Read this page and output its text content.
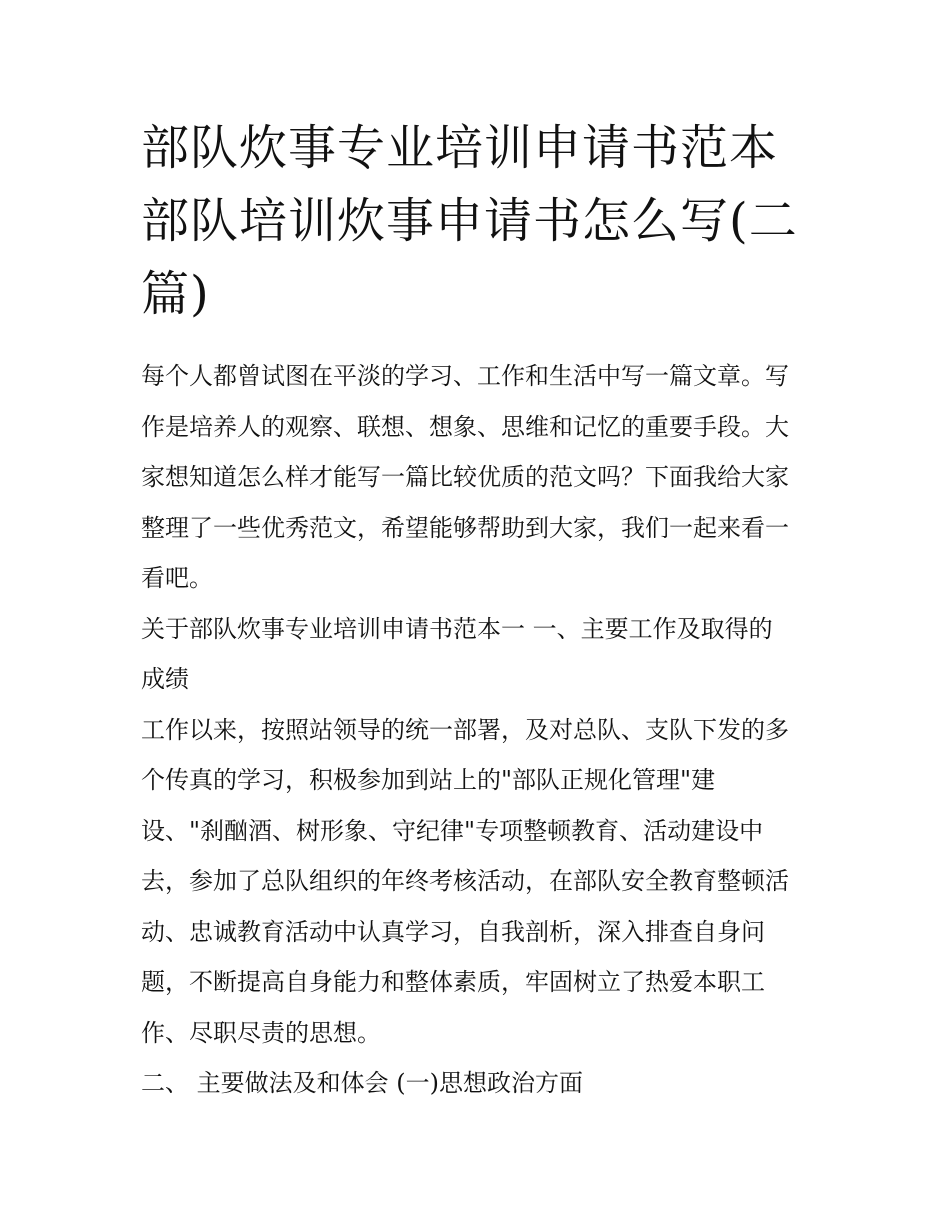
部队炊事专业培训申请书范本
部队培训炊事申请书怎么写(二
篇)
每个人都曾试图在平淡的学习、工作和生活中写一篇文章。写
作是培养人的观察、联想、想象、思维和记忆的重要手段。大
家想知道怎么样才能写一篇比较优质的范文吗？下面我给大家
整理了一些优秀范文，希望能够帮助到大家，我们一起来看一
看吧。
关于部队炊事专业培训申请书范本一 一、主要工作及取得的
成绩
工作以来，按照站领导的统一部署，及对总队、支队下发的多
个传真的学习，积极参加到站上的"部队正规化管理"建
设、"刹酗酒、树形象、守纪律"专项整顿教育、活动建设中
去，参加了总队组织的年终考核活动，在部队安全教育整顿活
动、忠诚教育活动中认真学习，自我剖析，深入排查自身问
题，不断提高自身能力和整体素质，牢固树立了热爱本职工
作、尽职尽责的思想。
二、 主要做法及和体会 (一)思想政治方面
